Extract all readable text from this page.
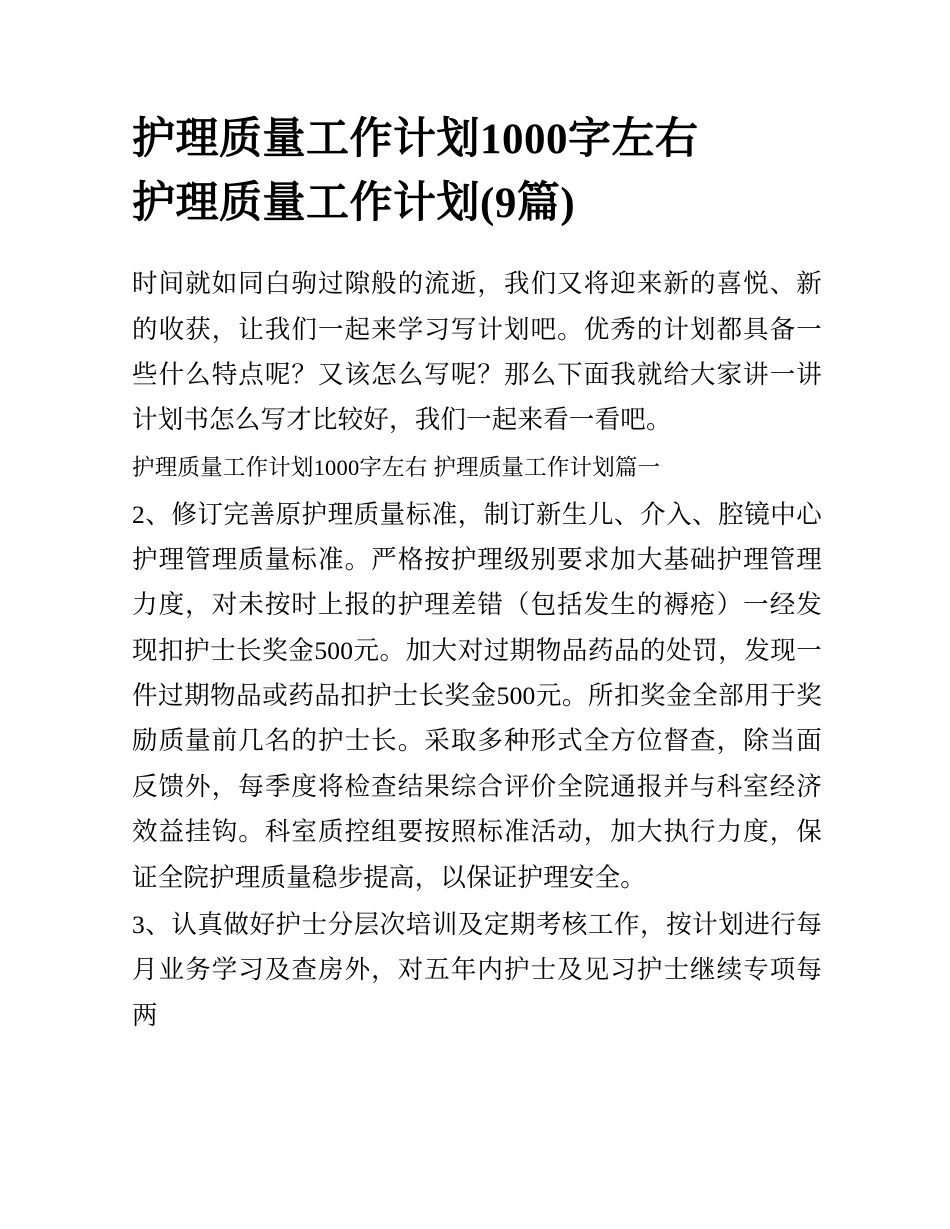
护理质量工作计划1000字左右
护理质量工作计划(9篇)

时间就如同白驹过隙般的流逝，我们又将迎来新的喜悦、新的收获，让我们一起来学习写计划吧。优秀的计划都具备一些什么特点呢？又该怎么写呢？那么下面我就给大家讲一讲计划书怎么写才比较好，我们一起来看一看吧。

护理质量工作计划1000字左右 护理质量工作计划篇一

2、修订完善原护理质量标准，制订新生儿、介入、腔镜中心护理管理质量标准。严格按护理级别要求加大基础护理管理力度，对未按时上报的护理差错（包括发生的褥疮）一经发现扣护士长奖金500元。加大对过期物品药品的处罚，发现一件过期物品或药品扣护士长奖金500元。所扣奖金全部用于奖励质量前几名的护士长。采取多种形式全方位督查，除当面反馈外，每季度将检查结果综合评价全院通报并与科室经济效益挂钩。科室质控组要按照标准活动，加大执行力度，保证全院护理质量稳步提高，以保证护理安全。

3、认真做好护士分层次培训及定期考核工作，按计划进行每月业务学习及查房外，对五年内护士及见习护士继续专项每两
